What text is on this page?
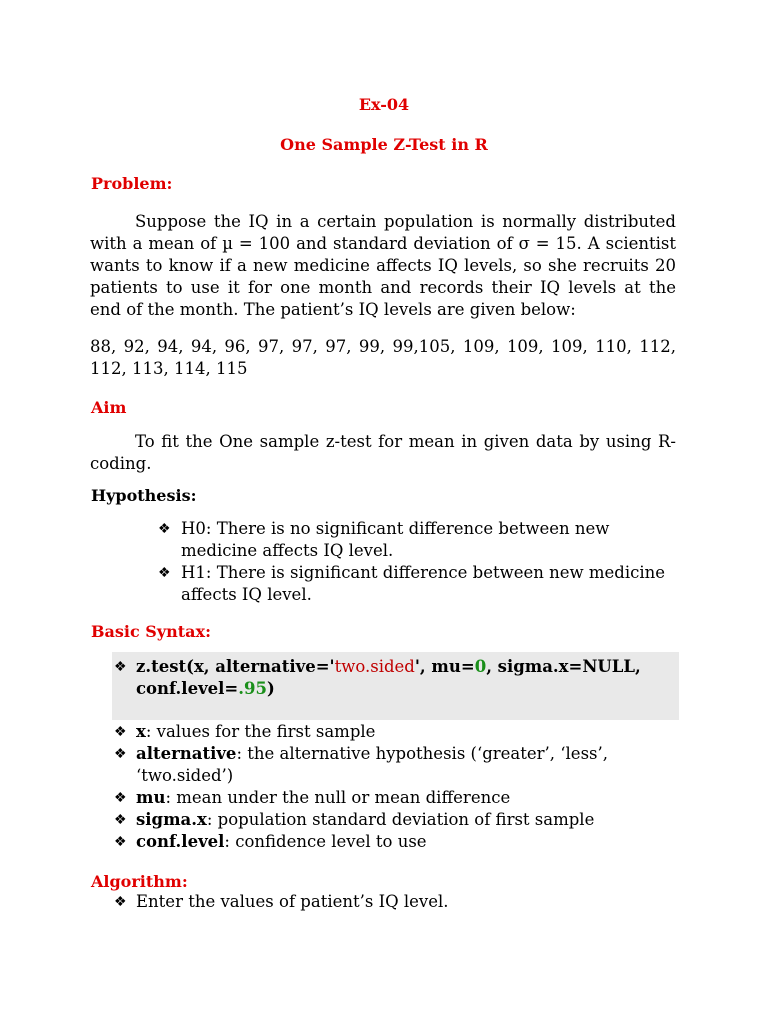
Ex-04
One Sample Z-Test in R
Problem:
Suppose the IQ in a certain population is normally distributed
with a mean of µ = 100 and standard deviation of σ = 15. A scientist
wants to know if a new medicine affects IQ levels, so she recruits 20
patients to use it for one month and records their IQ levels at the
end of the month. The patient’s IQ levels are given below:
88, 92, 94, 94, 96, 97, 97, 97, 99, 99,105, 109, 109, 109, 110, 112,
112, 113, 114, 115
Aim
To fit the One sample z-test for mean in given data by using R-
coding.
Hypothesis:
❖ H0: There is no significant difference between new
medicine affects IQ level.
❖ H1: There is significant difference between new medicine
affects IQ level.
Basic Syntax:
❖ z.test(x, alternative='two.sided', mu=0, sigma.x=NULL,
conf.level=.95)
❖ x: values for the first sample
❖ alternative: the alternative hypothesis (‘greater’, ‘less’,
‘two.sided’)
❖ mu: mean under the null or mean difference
❖ sigma.x: population standard deviation of first sample
❖ conf.level: confidence level to use
Algorithm:
❖ Enter the values of patient’s IQ level.
